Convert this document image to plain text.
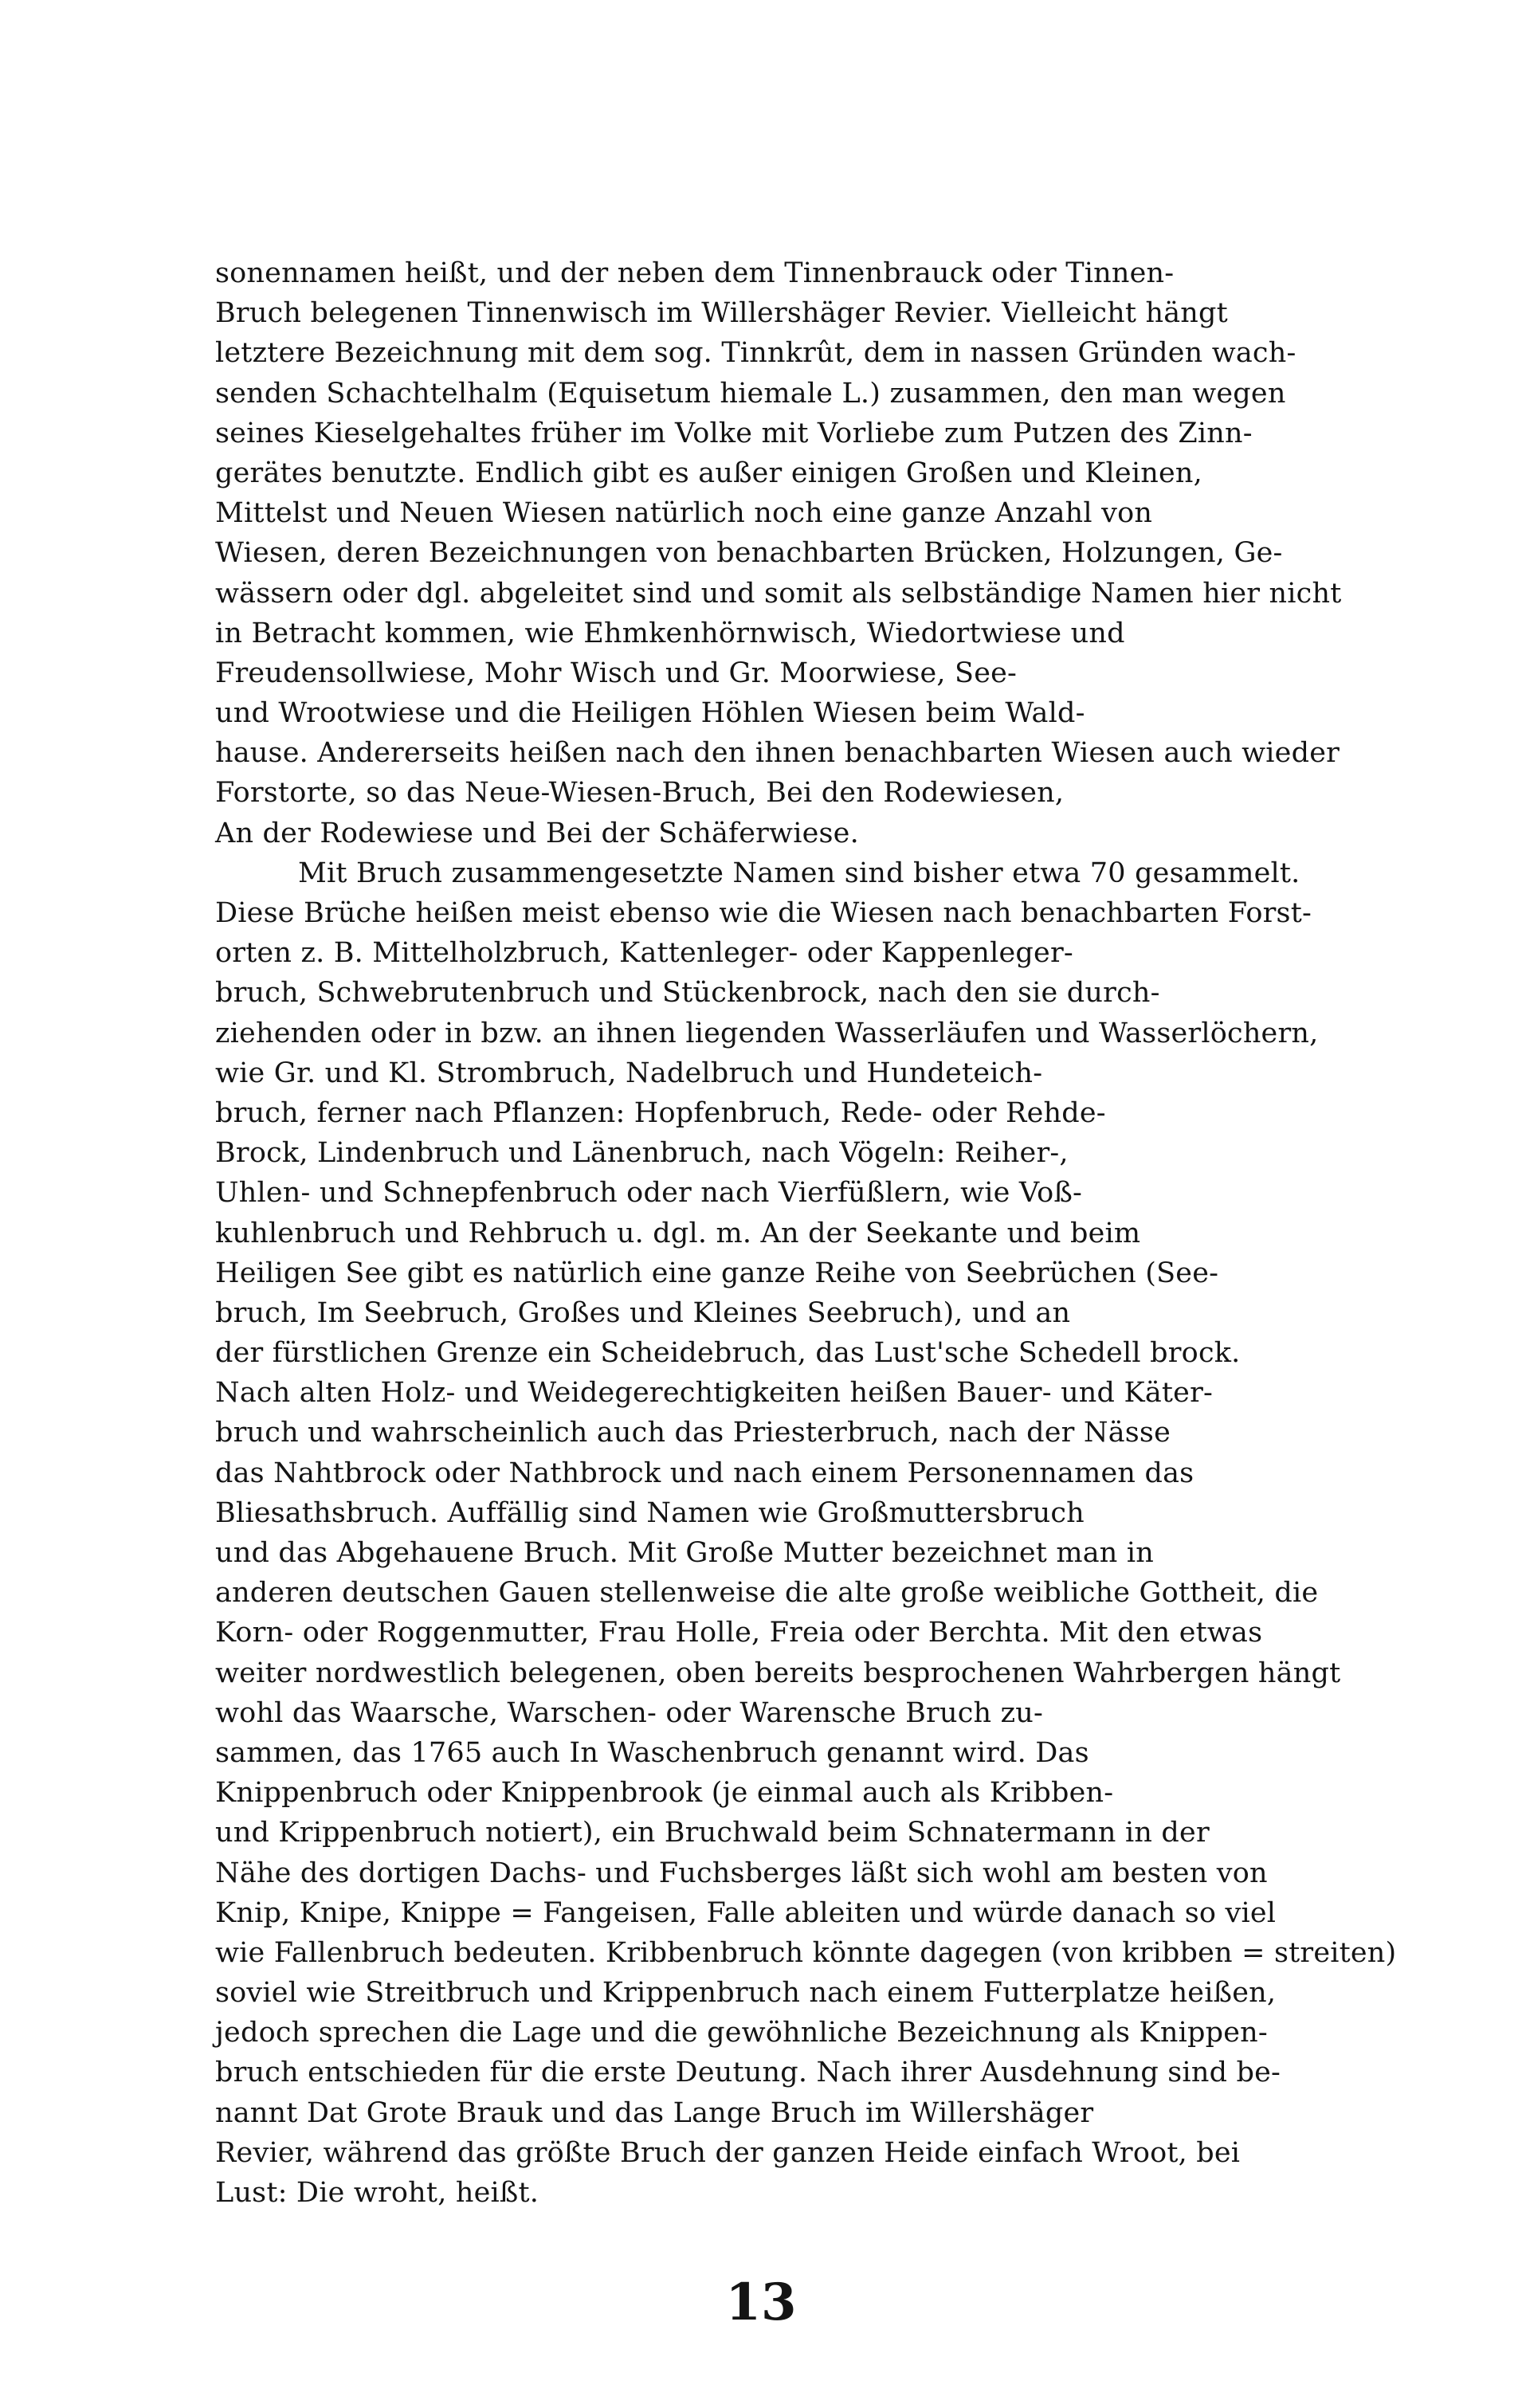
sonennamen heißt, und der neben dem Tinnenbrauck oder Tinnen-
Bruch belegenen Tinnenwisch im Willershäger Revier. Vielleicht hängt
letztere Bezeichnung mit dem sog. Tinnkrût, dem in nassen Gründen wach-
senden Schachtelhalm (Equisetum hiemale L.) zusammen, den man wegen
seines Kieselgehaltes früher im Volke mit Vorliebe zum Putzen des Zinn-
gerätes benutzte. Endlich gibt es außer einigen Großen und Kleinen,
Mittelst und Neuen Wiesen natürlich noch eine ganze Anzahl von
Wiesen, deren Bezeichnungen von benachbarten Brücken, Holzungen, Ge-
wässern oder dgl. abgeleitet sind und somit als selbständige Namen hier nicht
in Betracht kommen, wie Ehmkenhörnwisch, Wiedortwiese und
Freudensollwiese, Mohr Wisch und Gr. Moorwiese, See-
und Wrootwiese und die Heiligen Höhlen Wiesen beim Wald-
hause. Andererseits heißen nach den ihnen benachbarten Wiesen auch wieder
Forstorte, so das Neue-Wiesen-Bruch, Bei den Rodewiesen,
An der Rodewiese und Bei der Schäferwiese.
Mit Bruch zusammengesetzte Namen sind bisher etwa 70 gesammelt.
Diese Brüche heißen meist ebenso wie die Wiesen nach benachbarten Forst-
orten z. B. Mittelholzbruch, Kattenleger- oder Kappenleger-
bruch, Schwebrutenbruch und Stückenbrock, nach den sie durch-
ziehenden oder in bzw. an ihnen liegenden Wasserläufen und Wasserlöchern,
wie Gr. und Kl. Strombruch, Nadelbruch und Hundeteich-
bruch, ferner nach Pflanzen: Hopfenbruch, Rede- oder Rehde-
Brock, Lindenbruch und Länenbruch, nach Vögeln: Reiher-,
Uhlen- und Schnepfenbruch oder nach Vierfüßlern, wie Voß-
kuhlenbruch und Rehbruch u. dgl. m. An der Seekante und beim
Heiligen See gibt es natürlich eine ganze Reihe von Seebrüchen (See-
bruch, Im Seebruch, Großes und Kleines Seebruch), und an
der fürstlichen Grenze ein Scheidebruch, das Lust'sche Schedell brock.
Nach alten Holz- und Weidegerechtigkeiten heißen Bauer- und Käter-
bruch und wahrscheinlich auch das Priesterbruch, nach der Nässe
das Nahtbrock oder Nathbrock und nach einem Personennamen das
Bliesathsbruch. Auffällig sind Namen wie Großmuttersbruch
und das Abgehauene Bruch. Mit Große Mutter bezeichnet man in
anderen deutschen Gauen stellenweise die alte große weibliche Gottheit, die
Korn- oder Roggenmutter, Frau Holle, Freia oder Berchta. Mit den etwas
weiter nordwestlich belegenen, oben bereits besprochenen Wahrbergen hängt
wohl das Waarsche, Warschen- oder Warensche Bruch zu-
sammen, das 1765 auch In Waschenbruch genannt wird. Das
Knippenbruch oder Knippenbrook (je einmal auch als Kribben-
und Krippenbruch notiert), ein Bruchwald beim Schnatermann in der
Nähe des dortigen Dachs- und Fuchsberges läßt sich wohl am besten von
Knip, Knipe, Knippe = Fangeisen, Falle ableiten und würde danach so viel
wie Fallenbruch bedeuten. Kribbenbruch könnte dagegen (von kribben = streiten)
soviel wie Streitbruch und Krippenbruch nach einem Futterplatze heißen,
jedoch sprechen die Lage und die gewöhnliche Bezeichnung als Knippen-
bruch entschieden für die erste Deutung. Nach ihrer Ausdehnung sind be-
nannt Dat Grote Brauk und das Lange Bruch im Willershäger
Revier, während das größte Bruch der ganzen Heide einfach Wroot, bei
Lust: Die wroht, heißt.
13
